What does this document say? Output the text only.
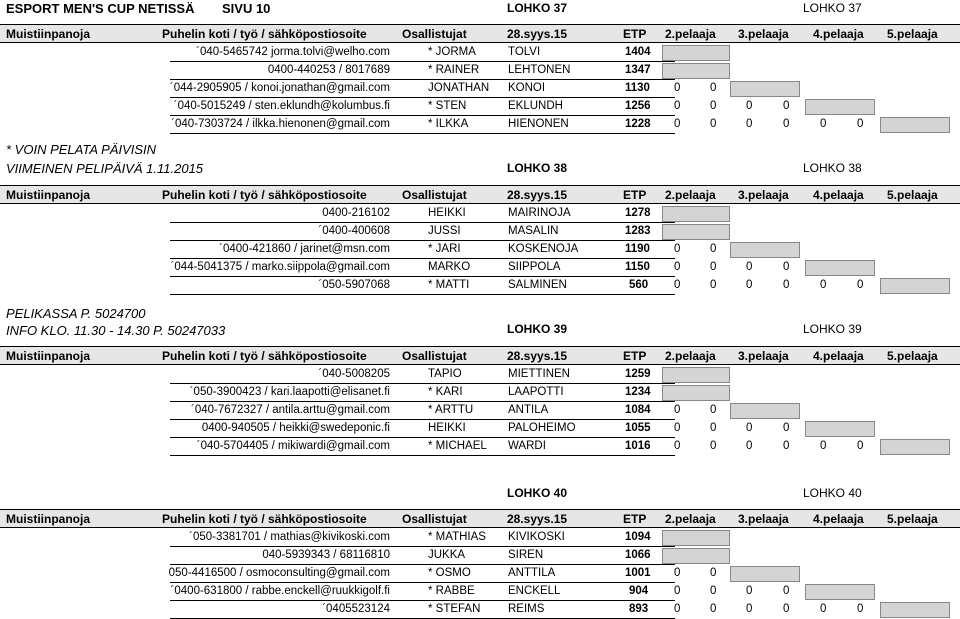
ESPORT MEN'S CUP NETISSÄ SIVU 10
* VOIN PELATA PÄIVISIN
VIIMEINEN PELIPÄIVÄ 1.11.2015
PELIKASSA P. 5024700
INFO KLO. 11.30 - 14.30 P. 50247033
LOHKO 37	LOHKO 37
Muistiinpanoja	Puhelin koti / työ / sähköpostiosoite	Osallistujat	28.syys.15	ETP 2.pelaaja 3.pelaaja 4.pelaaja 5.pelaaja
´040-5465742 jorma.tolvi@welho.com	* JORMA	TOLVI	1404
0400-440253 / 8017689	* RAINER	LEHTONEN	1347
´044-2905905 / konoi.jonathan@gmail.com	JONATHAN KONOI	1130 0	0
´040-5015249 / sten.eklundh@kolumbus.fi	* STEN	EKLUNDH	1256 0	0	0	0
´040-7303724 / ilkka.hienonen@gmail.com	* ILKKA	HIENONEN	1228 0	0	0	0	0	0
LOHKO 38	LOHKO 38
Muistiinpanoja	Puhelin koti / työ / sähköpostiosoite	Osallistujat	28.syys.15	ETP 2.pelaaja 3.pelaaja 4.pelaaja 5.pelaaja
0400-216102	HEIKKI	MAIRINOJA	1278
´0400-400608	JUSSI	MASALIN	1283
´0400-421860 / jarinet@msn.com	* JARI	KOSKENOJA	1190 0	0
´044-5041375 / marko.siippola@gmail.com	MARKO	SIIPPOLA	1150 0	0	0	0
´050-5907068	* MATTI	SALMINEN	560 0	0	0	0	0	0
LOHKO 39	LOHKO 39
Muistiinpanoja	Puhelin koti / työ / sähköpostiosoite	Osallistujat	28.syys.15	ETP 2.pelaaja 3.pelaaja 4.pelaaja 5.pelaaja
´040-5008205	TAPIO	MIETTINEN	1259
´050-3900423 / kari.laapotti@elisanet.fi	* KARI	LAAPOTTI	1234
´040-7672327 / antila.arttu@gmail.com	* ARTTU	ANTILA	1084 0	0
0400-940505 / heikki@swedeponic.fi	HEIKKI	PALOHEIMO	1055 0	0	0	0
´040-5704405 / mikiwardi@gmail.com	* MICHAEL WARDI	1016 0	0	0	0	0	0
LOHKO 40	LOHKO 40
Muistiinpanoja	Puhelin koti / työ / sähköpostiosoite	Osallistujat	28.syys.15	ETP 2.pelaaja 3.pelaaja 4.pelaaja 5.pelaaja
´050-3381701 / mathias@kivikoski.com	* MATHIAS KIVIKOSKI	1094
040-5939343 / 68116810	JUKKA	SIREN	1066
050-4416500 / osmoconsulting@gmail.com	* OSMO	ANTTILA	1001 0	0
´0400-631800 / rabbe.enckell@ruukkigolf.fi	* RABBE	ENCKELL	904 0	0	0	0
´0405523124	* STEFAN REIMS	893 0	0	0	0	0	0
